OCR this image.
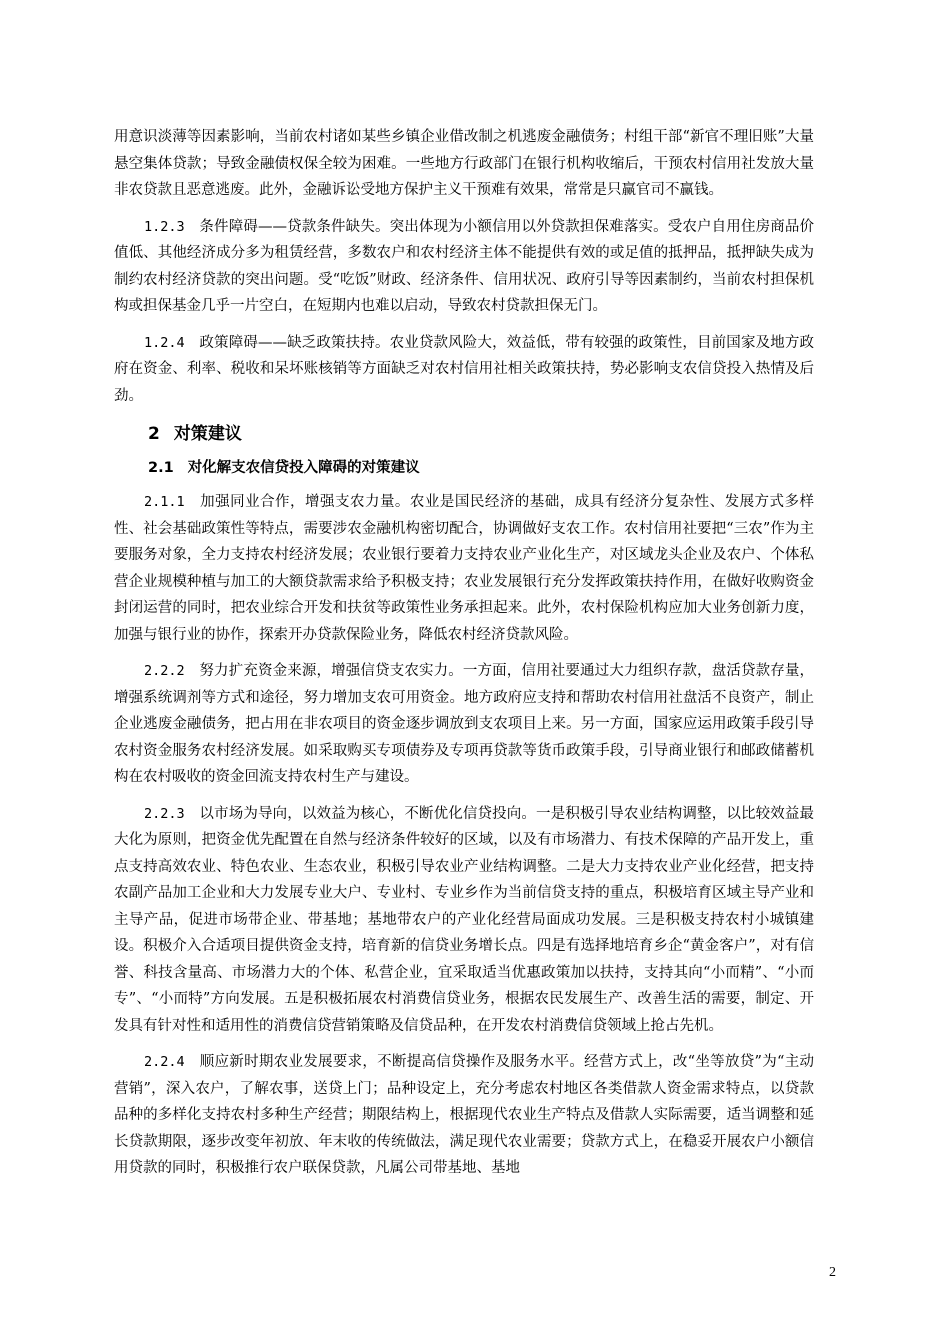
用意识淡薄等因素影响，当前农村诸如某些乡镇企业借改制之机逃废金融债务；村组干部“新官不理旧账”大量悬空集体贷款；导致金融债权保全较为困难。一些地方行政部门在银行机构收缩后，干预农村信用社发放大量非农贷款且恶意逃废。此外，金融诉讼受地方保护主义干预难有效果，常常是只赢官司不赢钱。

1.2.3　 条件障碍——贷款条件缺失。突出体现为小额信用以外贷款担保难落实。受农户自用住房商品价值低、其他经济成分多为租赁经营，多数农户和农村经济主体不能提供有效的或足值的抵押品，抵押缺失成为制约农村经济贷款的突出问题。受“吃饭”财政、经济条件、信用状况、政府引导等因素制约，当前农村担保机构或担保基金几乎一片空白，在短期内也难以启动，导致农村贷款担保无门。

1.2.4　 政策障碍——缺乏政策扶持。农业贷款风险大，效益低，带有较强的政策性，目前国家及地方政府在资金、利率、税收和呆坏账核销等方面缺乏对农村信用社相关政策扶持，势必影响支农信贷投入热情及后劲。

2 对策建议
2.1 对化解支农信贷投入障碍的对策建议

2.1.1　 加强同业合作，增强支农力量。农业是国民经济的基础，成具有经济分复杂性、发展方式多样性、社会基础政策性等特点，需要涉农金融机构密切配合，协调做好支农工作。农村信用社要把“三农”作为主要服务对象，全力支持农村经济发展；农业银行要着力支持农业产业化生产，对区域龙头企业及农户、个体私营企业规模种植与加工的大额贷款需求给予积极支持；农业发展银行充分发挥政策扶持作用，在做好收购资金封闭运营的同时，把农业综合开发和扶贫等政策性业务承担起来。此外，农村保险机构应加大业务创新力度，加强与银行业的协作，探索开办贷款保险业务，降低农村经济贷款风险。

2.2.2　 努力扩充资金来源，增强信贷支农实力。一方面，信用社要通过大力组织存款，盘活贷款存量，增强系统调剂等方式和途径，努力增加支农可用资金。地方政府应支持和帮助农村信用社盘活不良资产，制止企业逃废金融债务，把占用在非农项目的资金逐步调放到支农项目上来。另一方面，国家应运用政策手段引导农村资金服务农村经济发展。如采取购买专项债券及专项再贷款等货币政策手段，引导商业银行和邮政储蓄机构在农村吸收的资金回流支持农村生产与建设。

2.2.3　 以市场为导向，以效益为核心，不断优化信贷投向。一是积极引导农业结构调整，以比较效益最大化为原则，把资金优先配置在自然与经济条件较好的区域，以及有市场潜力、有技术保障的产品开发上，重点支持高效农业、特色农业、生态农业，积极引导农业产业结构调整。二是大力支持农业产业化经营，把支持农副产品加工企业和大力发展专业大户、专业村、专业乡作为当前信贷支持的重点，积极培育区域主导产业和主导产品，促进市场带企业、带基地；基地带农户的产业化经营局面成功发展。三是积极支持农村小城镇建设。积极介入合适项目提供资金支持，培育新的信贷业务增长点。四是有选择地培育乡企“黄金客户”，对有信誉、科技含量高、市场潜力大的个体、私营企业，宜采取适当优惠政策加以扶持，支持其向“小而精”、“小而专”、“小而特”方向发展。五是积极拓展农村消费信贷业务，根据农民发展生产、改善生活的需要，制定、开发具有针对性和适用性的消费信贷营销策略及信贷品种，在开发农村消费信贷领域上抢占先机。

2.2.4　 顺应新时期农业发展要求，不断提高信贷操作及服务水平。经营方式上，改“坐等放贷”为“主动营销”，深入农户，了解农事，送贷上门；品种设定上，充分考虑农村地区各类借款人资金需求特点，以贷款品种的多样化支持农村多种生产经营；期限结构上，根据现代农业生产特点及借款人实际需要，适当调整和延长贷款期限，逐步改变年初放、年末收的传统做法，满足现代农业需要；贷款方式上，在稳妥开展农户小额信用贷款的同时，积极推行农户联保贷款，凡属公司带基地、基地

2
